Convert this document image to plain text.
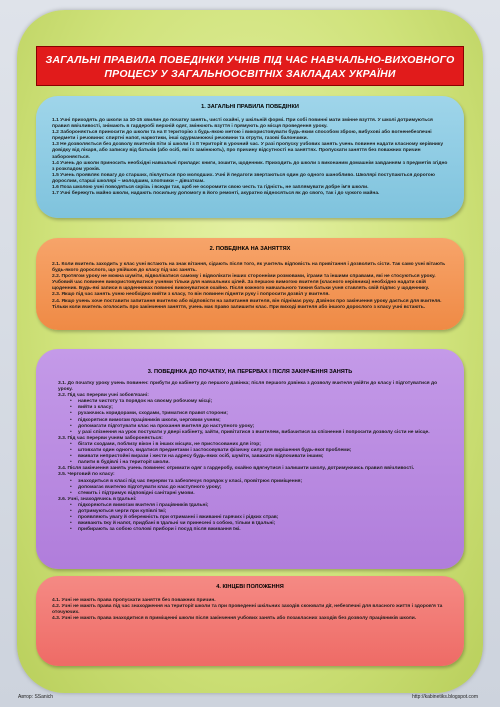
ЗАГАЛЬНІ ПРАВИЛА ПОВЕДІНКИ УЧНІВ ПІД ЧАС НАВЧАЛЬНО-ВИХОВНОГО ПРОЦЕСУ У ЗАГАЛЬНООСВІТНІХ ЗАКЛАДАХ УКРАЇНИ
1. ЗАГАЛЬНІ ПРАВИЛА ПОВЕДІНКИ

1.1 Учні приходять до школи за 10-15 хвилин до початку занять, чисті охайні, у шкільній формі. При собі повинні мати змінне взуття. У школі дотримуються правил ввічливості, знімають в гардеробі верхній одяг, змінюють взуття і прямують до місця проведення уроку.

1.2 Забороняється приносити до школи та на її територію з будь-якою метою і використовувати будь-яким способом зброю, вибухові або вогненебезпечні предмети і речовини: спиртні напої, наркотики, інші одурманюючі речовини та отрути, газові балончики.

1.3 Не дозволяється без дозволу вчителів піти зі школи і з її території в урочний час. У разі пропуску учбових занять учень повинен надати класному керівнику довідку від лікаря, або записку від батьків (або осіб, які їх замінюють), про причину відсутності на заняттях. Пропускати заняття без поважних причин забороняється.

1.4 Учень до школи приносить необхідні навчальні прилади: книги, зошити, щоденник. Приходить до школи з виконаним домашнім завданням з предметів згідно з розкладом уроків.

1.5 Учень проявляє повагу до старших, піклується про молодших. Учні й педагоги звертаються один до одного шанобливо. Школярі поступаються дорогою дорослим, старші школярі – молодшим, хлопчики – дівчаткам.

1.6 Поза школою учні поводяться скрізь і всюди так, щоб не осоромити свою честь та гідність, не заплямувати добре ім'я школи.

1.7 Учні бережуть майно школи, надають посильну допомогу в його ремонті, акуратно відносяться як до свого, так і до чужого майна.

2. ПОВЕДІНКА НА ЗАНЯТТЯХ

2.1. Коли вчитель заходить у клас учні встають на знак вітання, сідають після того, як учитель відповість на привітання і дозволить сісти. Так само учні вітають будь-якого дорослого, що увійшов до класу під час занять.

2.2. Протягом уроку не можна шуміти, відволікатися самому і відволікати інших сторонніми розмовами, іграми та іншими справами, які не стосуються уроку. Учбовий час повинен використовуватися учнями тільки для навчальних цілей. За першою вимогою вчителя (класного керівника) необхідно надати свій щоденник. Будь-які записи в щоденниках повинні виконуватися охайно. Після кожного навчального тижня батьки учня ставлять свій підпис у щоденнику.

2.3. Якщо під час занять учню необхідно вийти з класу, то він повинен підняти руку і попросити дозвіл у вчителя.

2.4. Якщо учень хоче поставити запитання вчителю або відповісти на запитання вчителя, він піднімає руку. Дзвінок про закінчення уроку дається для вчителя. Тільки коли вчитель оголосить про закінчення заняття, учень має право залишити клас. При виході вчителя або іншого дорослого з класу учні встають.

3. ПОВЕДІНКА ДО ПОЧАТКУ, НА ПЕРЕРВАХ І ПІСЛЯ ЗАКІНЧЕННЯ ЗАНЯТЬ
3.1. До початку уроку учень повинен: прибути до кабінету до першого дзвінка; після першого дзвінка з дозволу вчителя увійти до класу і підготуватися до уроку.
3.2. Під час перерви учні зобов'язані:
• навести чистоту та порядок на своєму робочому місці;
• вийти з класу;
• рухаючись коридорами, сходами, триматися правої сторони;
• підкорятися вимогам працівників школи, черговим учням;
• допомагати підготувати клас на прохання вчителя до наступного уроку;
• у разі спізнення на урок постукати у двері кабінету, зайти, привітатися з вчителем, вибачитися за спізнення і попросити дозволу сісти не місце.
3.3. Під час перерви учням забороняється:
• бігати сходами, поблизу вікон і в інших місцях, не пристосованих для ігор;
• штовхати один одного, кидатися предметами і застосовувати фізичну силу для вирішення будь-якої проблеми;
• вживати непристойні вирази і жести на адресу будь-яких осіб, шуміти, заважати відпочивати іншим;
• палити в будівлі і на території школи.
3.4. Після закінчення занять учень повинен: отримати одяг з гардеробу, охайно вдягнутися і залишити школу, дотримуючись правил ввічливості.
3.5. Черговий по класу:
• знаходиться в класі під час перерви та забезпечує порядок у класі, провітрює приміщення;
• допомагає вчителю підготувати клас до наступного уроку;
• стежить і підтримує відповідні санітарні умови.
3.6. Учні, знаходячись в їдальні:
• підкоряються вимогам вчителя і працівників їдальні;
• дотримуються черги при купівлі їжі;
• проявляють увагу й обережність при отриманні і вживанні гарячих і рідких страв;
• вживають їжу й напої, придбані в їдальні чи принесені з собою, тільки в їдальні;
• прибирають за собою столові прибори і посуд після вживання їжі.
4. КІНЦЕВІ ПОЛОЖЕННЯ

4.1. Учні не мають права пропускати заняття без поважних причин.

4.2. Учні не мають права під час знаходження на території школи та при проведенні шкільних заходів скоювати дії, небезпечні для власного життя і здоров'я та оточуючих.

4.3. Учні не мають права знаходитися в приміщенні школи після закінчення учбових занять або позакласних заходів без дозволу працівників школи.

Автор: SSanich	http://kabinetiks.blogspot.com
